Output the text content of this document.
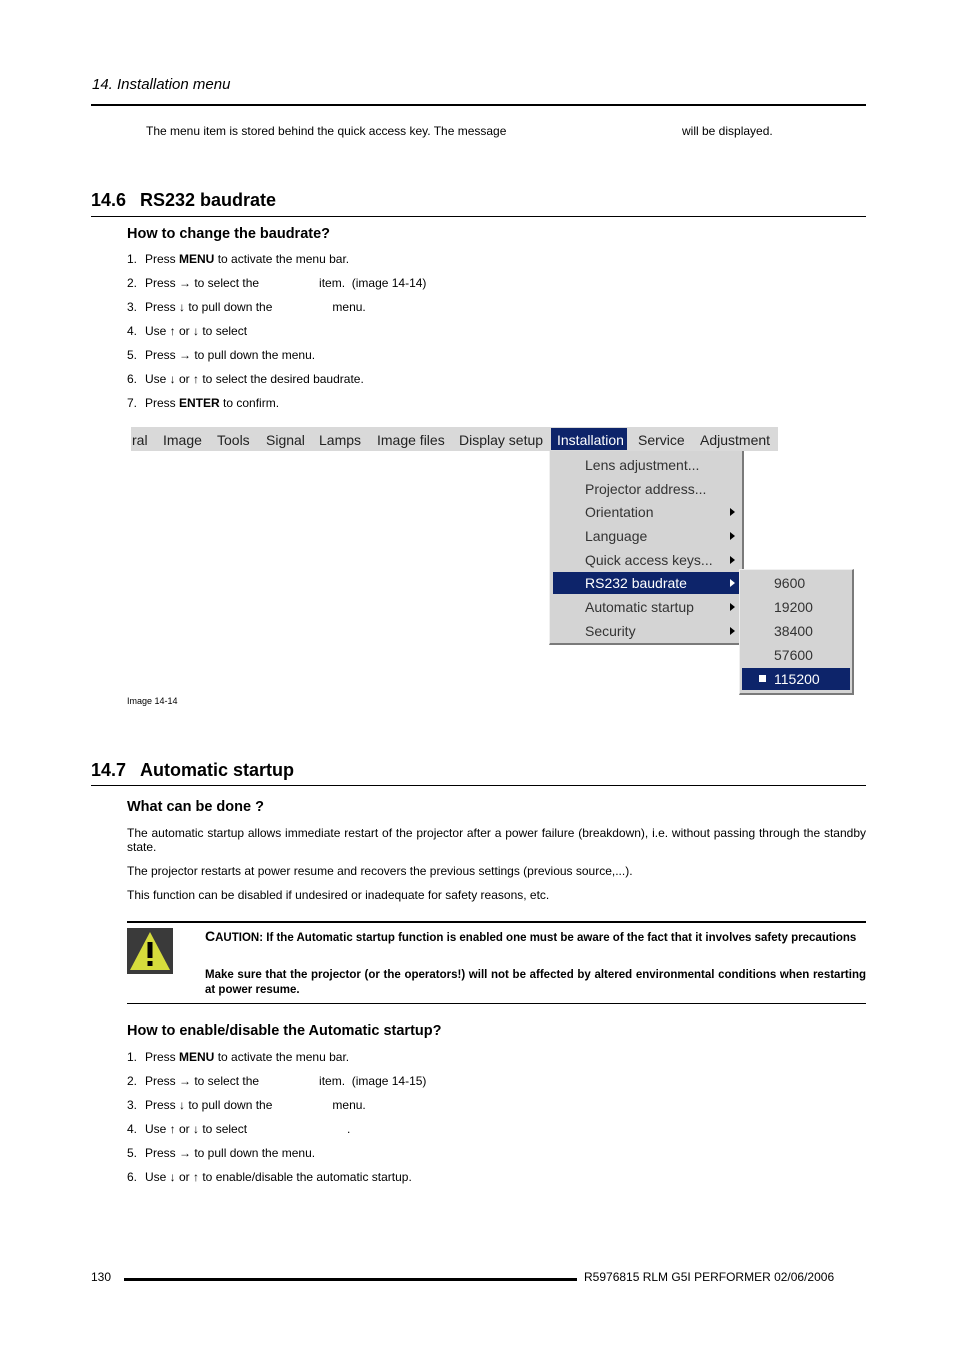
14. Installation menu
The menu item is stored behind the quick access key. The message	will be displayed.
14.6 RS232 baudrate
How to change the baudrate?
1. Press MENU to activate the menu bar.
2. Press → to select the                  item.  (image 14-14)
3. Press ↓ to pull down the                  menu.
4. Use ↑ or ↓ to select
5. Press → to pull down the menu.
6. Use ↓ or ↑ to select the desired baudrate.
7. Press ENTER to confirm.
Installation
ral Image Tools Signal Lamps Image files Display setup	Service Adjustment
Lens adjustment...
Projector address...
Orientation
Language
Quick access keys...
RS232 baudrate
Automatic startup
Security
9600
19200
38400
57600
115200
Image 14-14
14.7 Automatic startup
What can be done ?
The automatic startup allows immediate restart of the projector after a power failure (breakdown), i.e. without passing through the standby state.
The projector restarts at power resume and recovers the previous settings (previous source,...).
This function can be disabled if undesired or inadequate for safety reasons, etc.
CAUTION: If the Automatic startup function is enabled one must be aware of the fact that it involves safety precautions
Make sure that the projector (or the operators!) will not be affected by altered environmental conditions when restarting at power resume.
How to enable/disable the Automatic startup?
1. Press MENU to activate the menu bar.
2. Press → to select the                  item.  (image 14-15)
3. Press ↓ to pull down the                  menu.
4. Use ↑ or ↓ to select                              .
5. Press → to pull down the menu.
6. Use ↓ or ↑ to enable/disable the automatic startup.
130	R5976815 RLM G5I PERFORMER 02/06/2006
